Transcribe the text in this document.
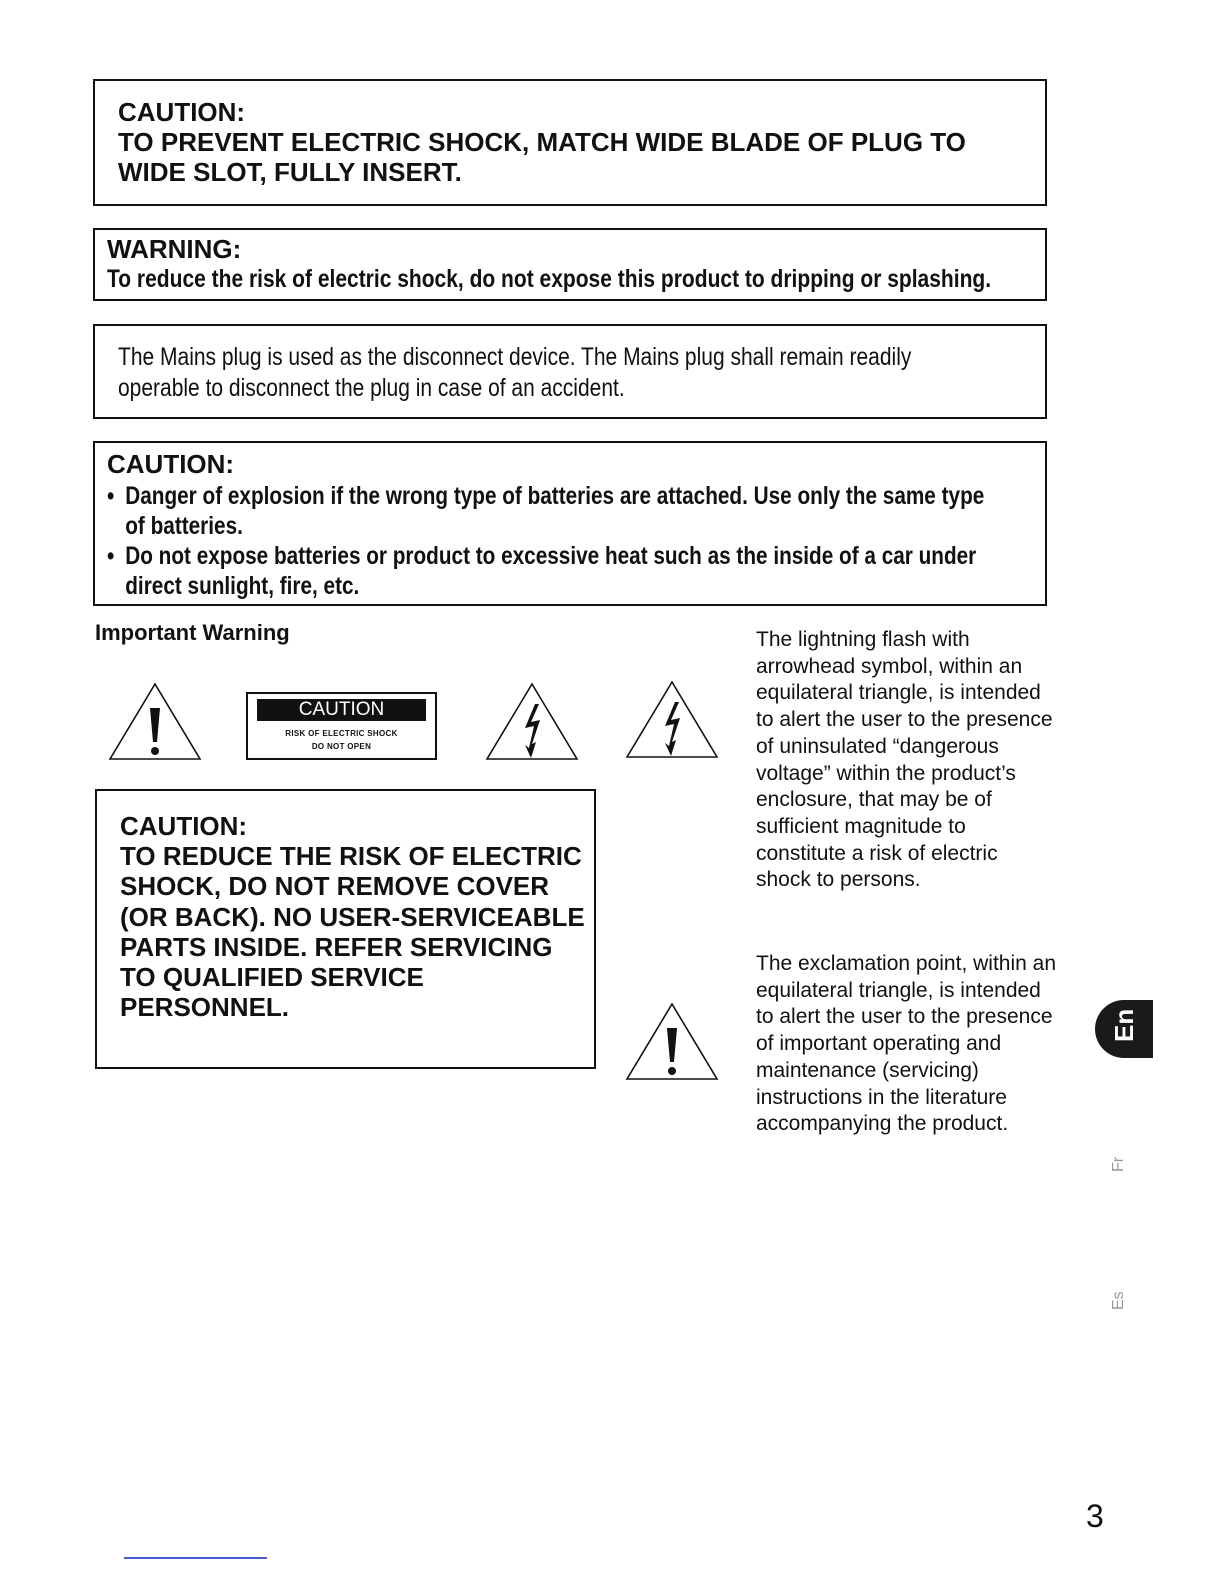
CAUTION:
TO PREVENT ELECTRIC SHOCK, MATCH WIDE BLADE OF PLUG TO WIDE SLOT, FULLY INSERT.
WARNING:
To reduce the risk of electric shock, do not expose this product to dripping or splashing.
The Mains plug is used as the disconnect device. The Mains plug shall remain readily
operable to disconnect the plug in case of an accident.
CAUTION:
• Danger of explosion if the wrong type of batteries are attached. Use only the same type
of batteries.
• Do not expose batteries or product to excessive heat such as the inside of a car under
direct sunlight, fire, etc.
Important Warning
CAUTION
RISK OF ELECTRIC SHOCK
DO NOT OPEN
CAUTION:
TO REDUCE THE RISK OF ELECTRIC SHOCK, DO NOT REMOVE COVER (OR BACK). NO USER-SERVICEABLE PARTS INSIDE. REFER SERVICING TO QUALIFIED SERVICE PERSONNEL.
The lightning flash with arrowhead symbol, within an equilateral triangle, is intended to alert the user to the presence of uninsulated “dangerous voltage” within the product’s enclosure, that may be of sufficient magnitude to constitute a risk of electric shock to persons.
The exclamation point, within an equilateral triangle, is intended to alert the user to the presence of important operating and maintenance (servicing) instructions in the literature accompanying the product.
En
Fr
Es
3
